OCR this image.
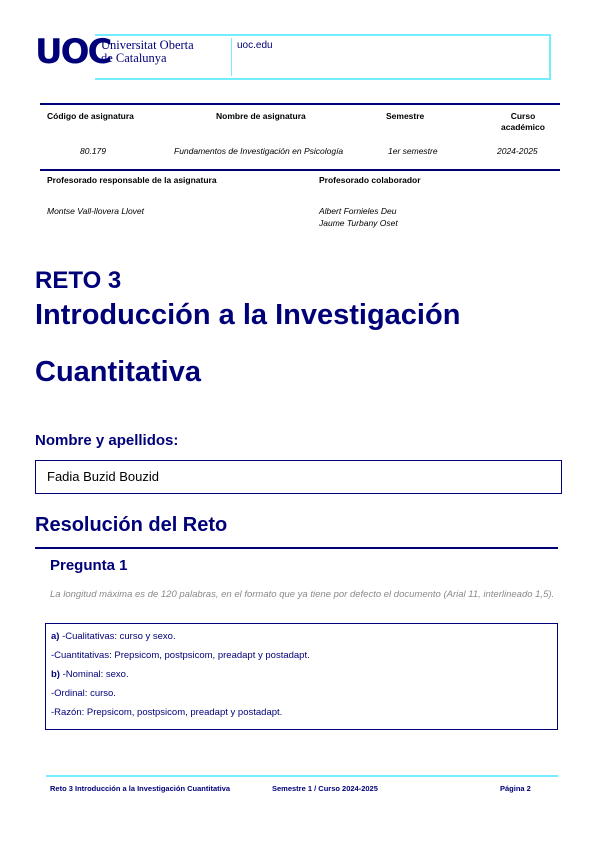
UOC
Universitat Oberta
de Catalunya
uoc.edu
Código de asignatura	Nombre de asignatura	Semestre	Curso
académico
80.179	Fundamentos de Investigación en Psicología	1er semestre	2024-2025
Profesorado responsable de la asignatura	Profesorado colaborador
Montse Vall-llovera Llovet	Albert Fornieles Deu
Jaume Turbany Oset
RETO 3
Introducción a la Investigación
Cuantitativa
Nombre y apellidos:
Fadia Buzid Bouzid
Resolución del Reto
Pregunta 1
La longitud máxima es de 120 palabras, en el formato que ya tiene por defecto el documento (Arial 11, interlineado 1,5).
a) -Cualitativas: curso y sexo.
-Cuantitativas: Prepsicom, postpsicom, preadapt y postadapt.
b) -Nominal: sexo.
-Ordinal: curso.
-Razón: Prepsicom, postpsicom, preadapt y postadapt.
Reto 3 Introducción a la Investigación Cuantitativa	Semestre 1 / Curso 2024-2025	Página 2
